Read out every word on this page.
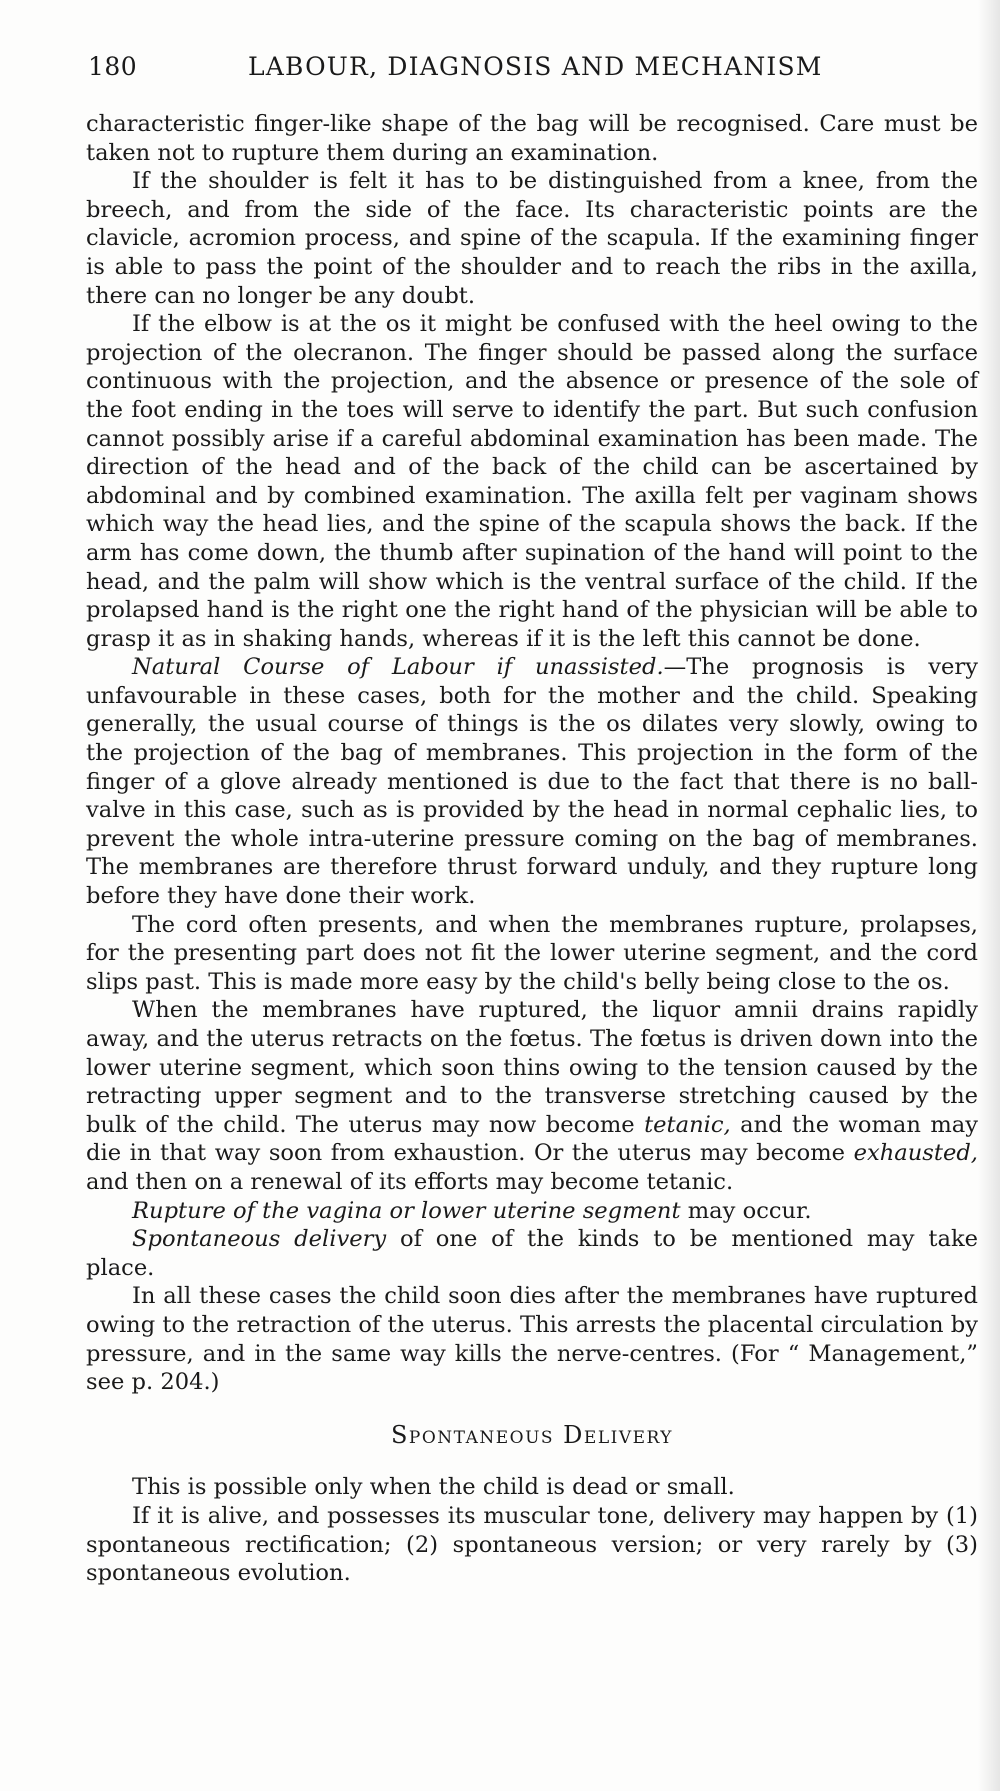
180	LABOUR, DIAGNOSIS AND MECHANISM

characteristic finger-like shape of the bag will be recognised. Care must be taken not to rupture them during an examination.

If the shoulder is felt it has to be distinguished from a knee, from the breech, and from the side of the face. Its characteristic points are the clavicle, acromion process, and spine of the scapula. If the examining finger is able to pass the point of the shoulder and to reach the ribs in the axilla, there can no longer be any doubt.

If the elbow is at the os it might be confused with the heel owing to the projection of the olecranon. The finger should be passed along the surface continuous with the projection, and the absence or presence of the sole of the foot ending in the toes will serve to identify the part. But such confusion cannot possibly arise if a careful abdominal examination has been made. The direction of the head and of the back of the child can be ascertained by abdominal and by combined examination. The axilla felt per vaginam shows which way the head lies, and the spine of the scapula shows the back. If the arm has come down, the thumb after supination of the hand will point to the head, and the palm will show which is the ventral surface of the child. If the prolapsed hand is the right one the right hand of the physician will be able to grasp it as in shaking hands, whereas if it is the left this cannot be done.

Natural Course of Labour if unassisted.—The prognosis is very unfavourable in these cases, both for the mother and the child. Speaking generally, the usual course of things is the os dilates very slowly, owing to the projection of the bag of membranes. This projection in the form of the finger of a glove already mentioned is due to the fact that there is no ball-valve in this case, such as is provided by the head in normal cephalic lies, to prevent the whole intra-uterine pressure coming on the bag of membranes. The membranes are therefore thrust forward unduly, and they rupture long before they have done their work.

The cord often presents, and when the membranes rupture, prolapses, for the presenting part does not fit the lower uterine segment, and the cord slips past. This is made more easy by the child's belly being close to the os.

When the membranes have ruptured, the liquor amnii drains rapidly away, and the uterus retracts on the fœtus. The fœtus is driven down into the lower uterine segment, which soon thins owing to the tension caused by the retracting upper segment and to the transverse stretching caused by the bulk of the child. The uterus may now become tetanic, and the woman may die in that way soon from exhaustion. Or the uterus may become exhausted, and then on a renewal of its efforts may become tetanic.

Rupture of the vagina or lower uterine segment may occur.

Spontaneous delivery of one of the kinds to be mentioned may take place.

In all these cases the child soon dies after the membranes have ruptured owing to the retraction of the uterus. This arrests the placental circulation by pressure, and in the same way kills the nerve-centres. (For “ Management,” see p. 204.)

Spontaneous Delivery

This is possible only when the child is dead or small.

If it is alive, and possesses its muscular tone, delivery may happen by (1) spontaneous rectification; (2) spontaneous version; or very rarely by (3) spontaneous evolution.
